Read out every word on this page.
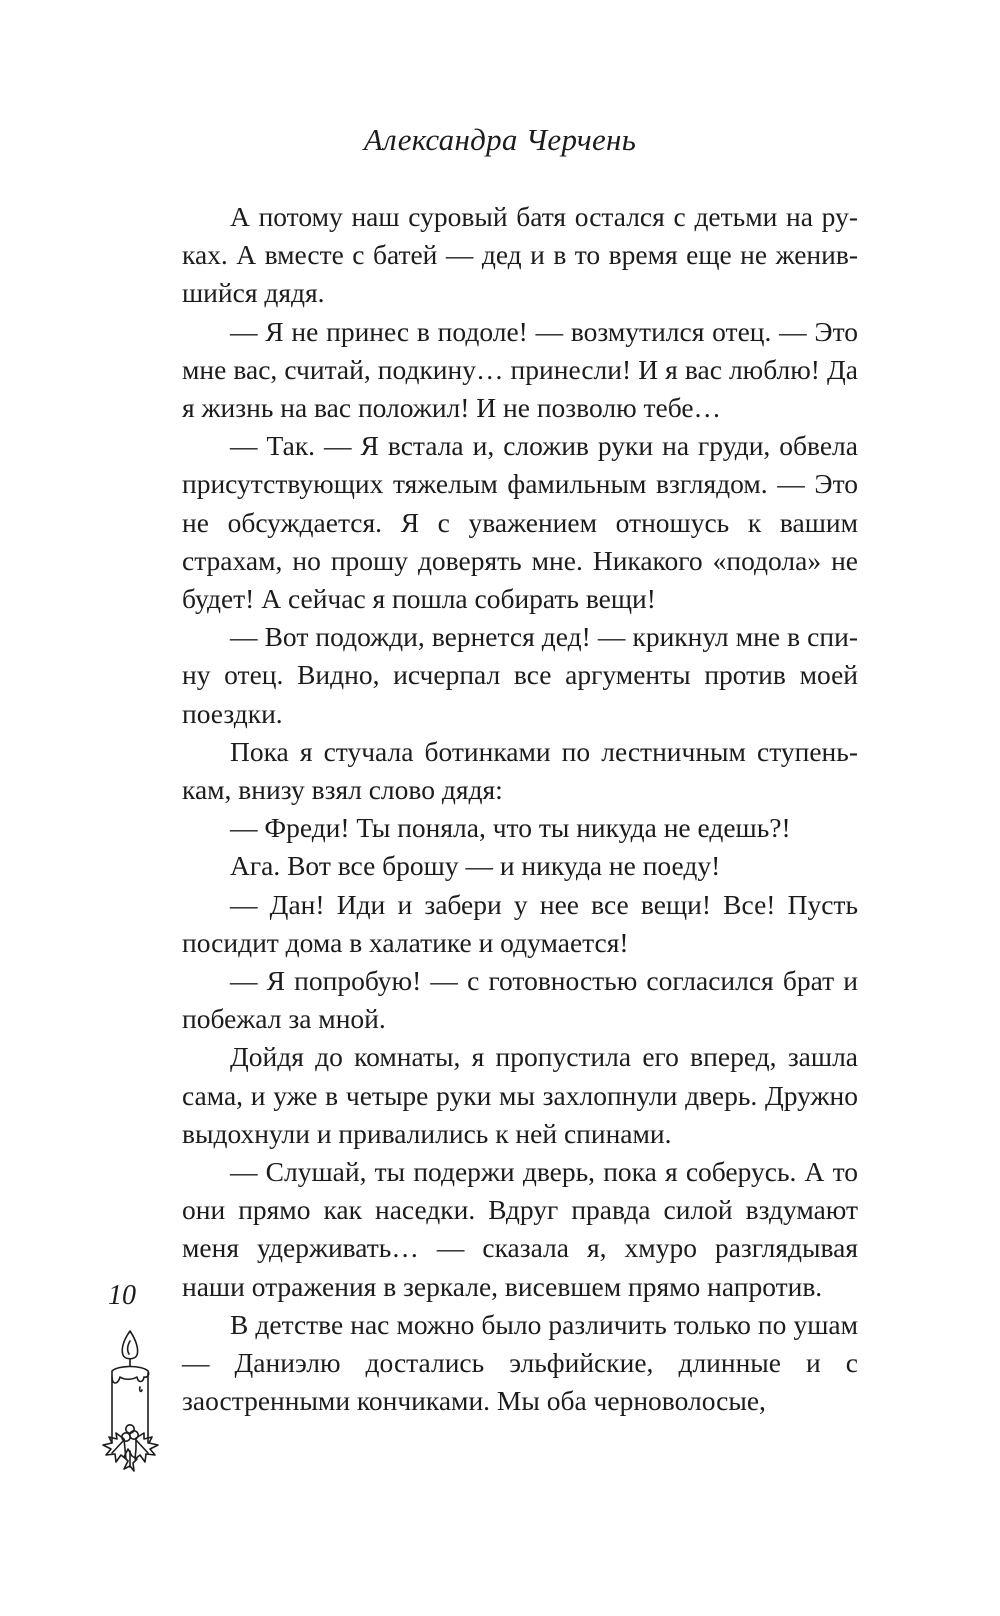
Александра Черчень

А потому наш суровый батя остался с детьми на руках. А вместе с батей — дед и в то время еще не женившийся дядя.

— Я не принес в подоле! — возмутился отец. — Это мне вас, считай, подкину… принесли! И я вас люблю! Да я жизнь на вас положил! И не позволю тебе…

— Так. — Я встала и, сложив руки на груди, обвела присутствующих тяжелым фамильным взглядом. — Это не обсуждается. Я с уважением отношусь к вашим страхам, но прошу доверять мне. Никакого «подола» не будет! А сейчас я пошла собирать вещи!

— Вот подожди, вернется дед! — крикнул мне в спину отец. Видно, исчерпал все аргументы против моей поездки.

Пока я стучала ботинками по лестничным ступенькам, внизу взял слово дядя:

— Фреди! Ты поняла, что ты никуда не едешь?!

Ага. Вот все брошу — и никуда не поеду!

— Дан! Иди и забери у нее все вещи! Все! Пусть посидит дома в халатике и одумается!

— Я попробую! — с готовностью согласился брат и побежал за мной.

Дойдя до комнаты, я пропустила его вперед, зашла сама, и уже в четыре руки мы захлопнули дверь. Дружно выдохнули и привалились к ней спинами.

— Слушай, ты подержи дверь, пока я соберусь. А то они прямо как наседки. Вдруг правда силой вздумают меня удерживать… — сказала я, хмуро разглядывая наши отражения в зеркале, висевшем прямо напротив.

В детстве нас можно было различить только по ушам — Даниэлю достались эльфийские, длинные и с заостренными кончиками. Мы оба черноволосые,

10
